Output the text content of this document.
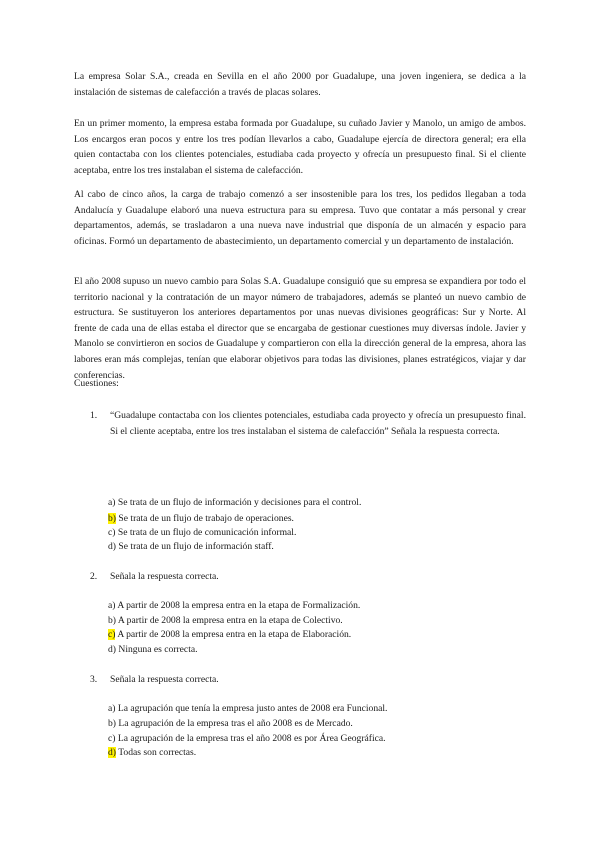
La empresa Solar S.A., creada en Sevilla en el año 2000 por Guadalupe, una joven ingeniera, se dedica a la instalación de sistemas de calefacción a través de placas solares.

En un primer momento, la empresa estaba formada por Guadalupe, su cuñado Javier y Manolo, un amigo de ambos. Los encargos eran pocos y entre los tres podían llevarlos a cabo, Guadalupe ejercía de directora general; era ella quien contactaba con los clientes potenciales, estudiaba cada proyecto y ofrecía un presupuesto final. Si el cliente aceptaba, entre los tres instalaban el sistema de calefacción.

Al cabo de cinco años, la carga de trabajo comenzó a ser insostenible para los tres, los pedidos llegaban a toda Andalucía y Guadalupe elaboró una nueva estructura para su empresa. Tuvo que contatar a más personal y crear departamentos, además, se trasladaron a una nueva nave industrial que disponía de un almacén y espacio para oficinas. Formó un departamento de abastecimiento, un departamento comercial y un departamento de instalación.

El año 2008 supuso un nuevo cambio para Solas S.A. Guadalupe consiguió que su empresa se expandiera por todo el territorio nacional y la contratación de un mayor número de trabajadores, además se planteó un nuevo cambio de estructura. Se sustituyeron los anteriores departamentos por unas nuevas divisiones geográficas: Sur y Norte. Al frente de cada una de ellas estaba el director que se encargaba de gestionar cuestiones muy diversas índole. Javier y Manolo se convirtieron en socios de Guadalupe y compartieron con ella la dirección general de la empresa, ahora las labores eran más complejas, tenían que elaborar objetivos para todas las divisiones, planes estratégicos, viajar y dar conferencias.

Cuestiones:

1. “Guadalupe contactaba con los clientes potenciales, estudiaba cada proyecto y ofrecía un presupuesto final. Si el cliente aceptaba, entre los tres instalaban el sistema de calefacción” Señala la respuesta correcta.

a) Se trata de un flujo de información y decisiones para el control.
b) Se trata de un flujo de trabajo de operaciones.
c) Se trata de un flujo de comunicación informal.
d) Se trata de un flujo de información staff.
2. Señala la respuesta correcta.

a) A partir de 2008 la empresa entra en la etapa de Formalización.
b) A partir de 2008 la empresa entra en la etapa de Colectivo.
c) A partir de 2008 la empresa entra en la etapa de Elaboración.
d) Ninguna es correcta.
3. Señala la respuesta correcta.

a) La agrupación que tenía la empresa justo antes de 2008 era Funcional.
b) La agrupación de la empresa tras el año 2008 es de Mercado.
c) La agrupación de la empresa tras el año 2008 es por Área Geográfica.
d) Todas son correctas.
